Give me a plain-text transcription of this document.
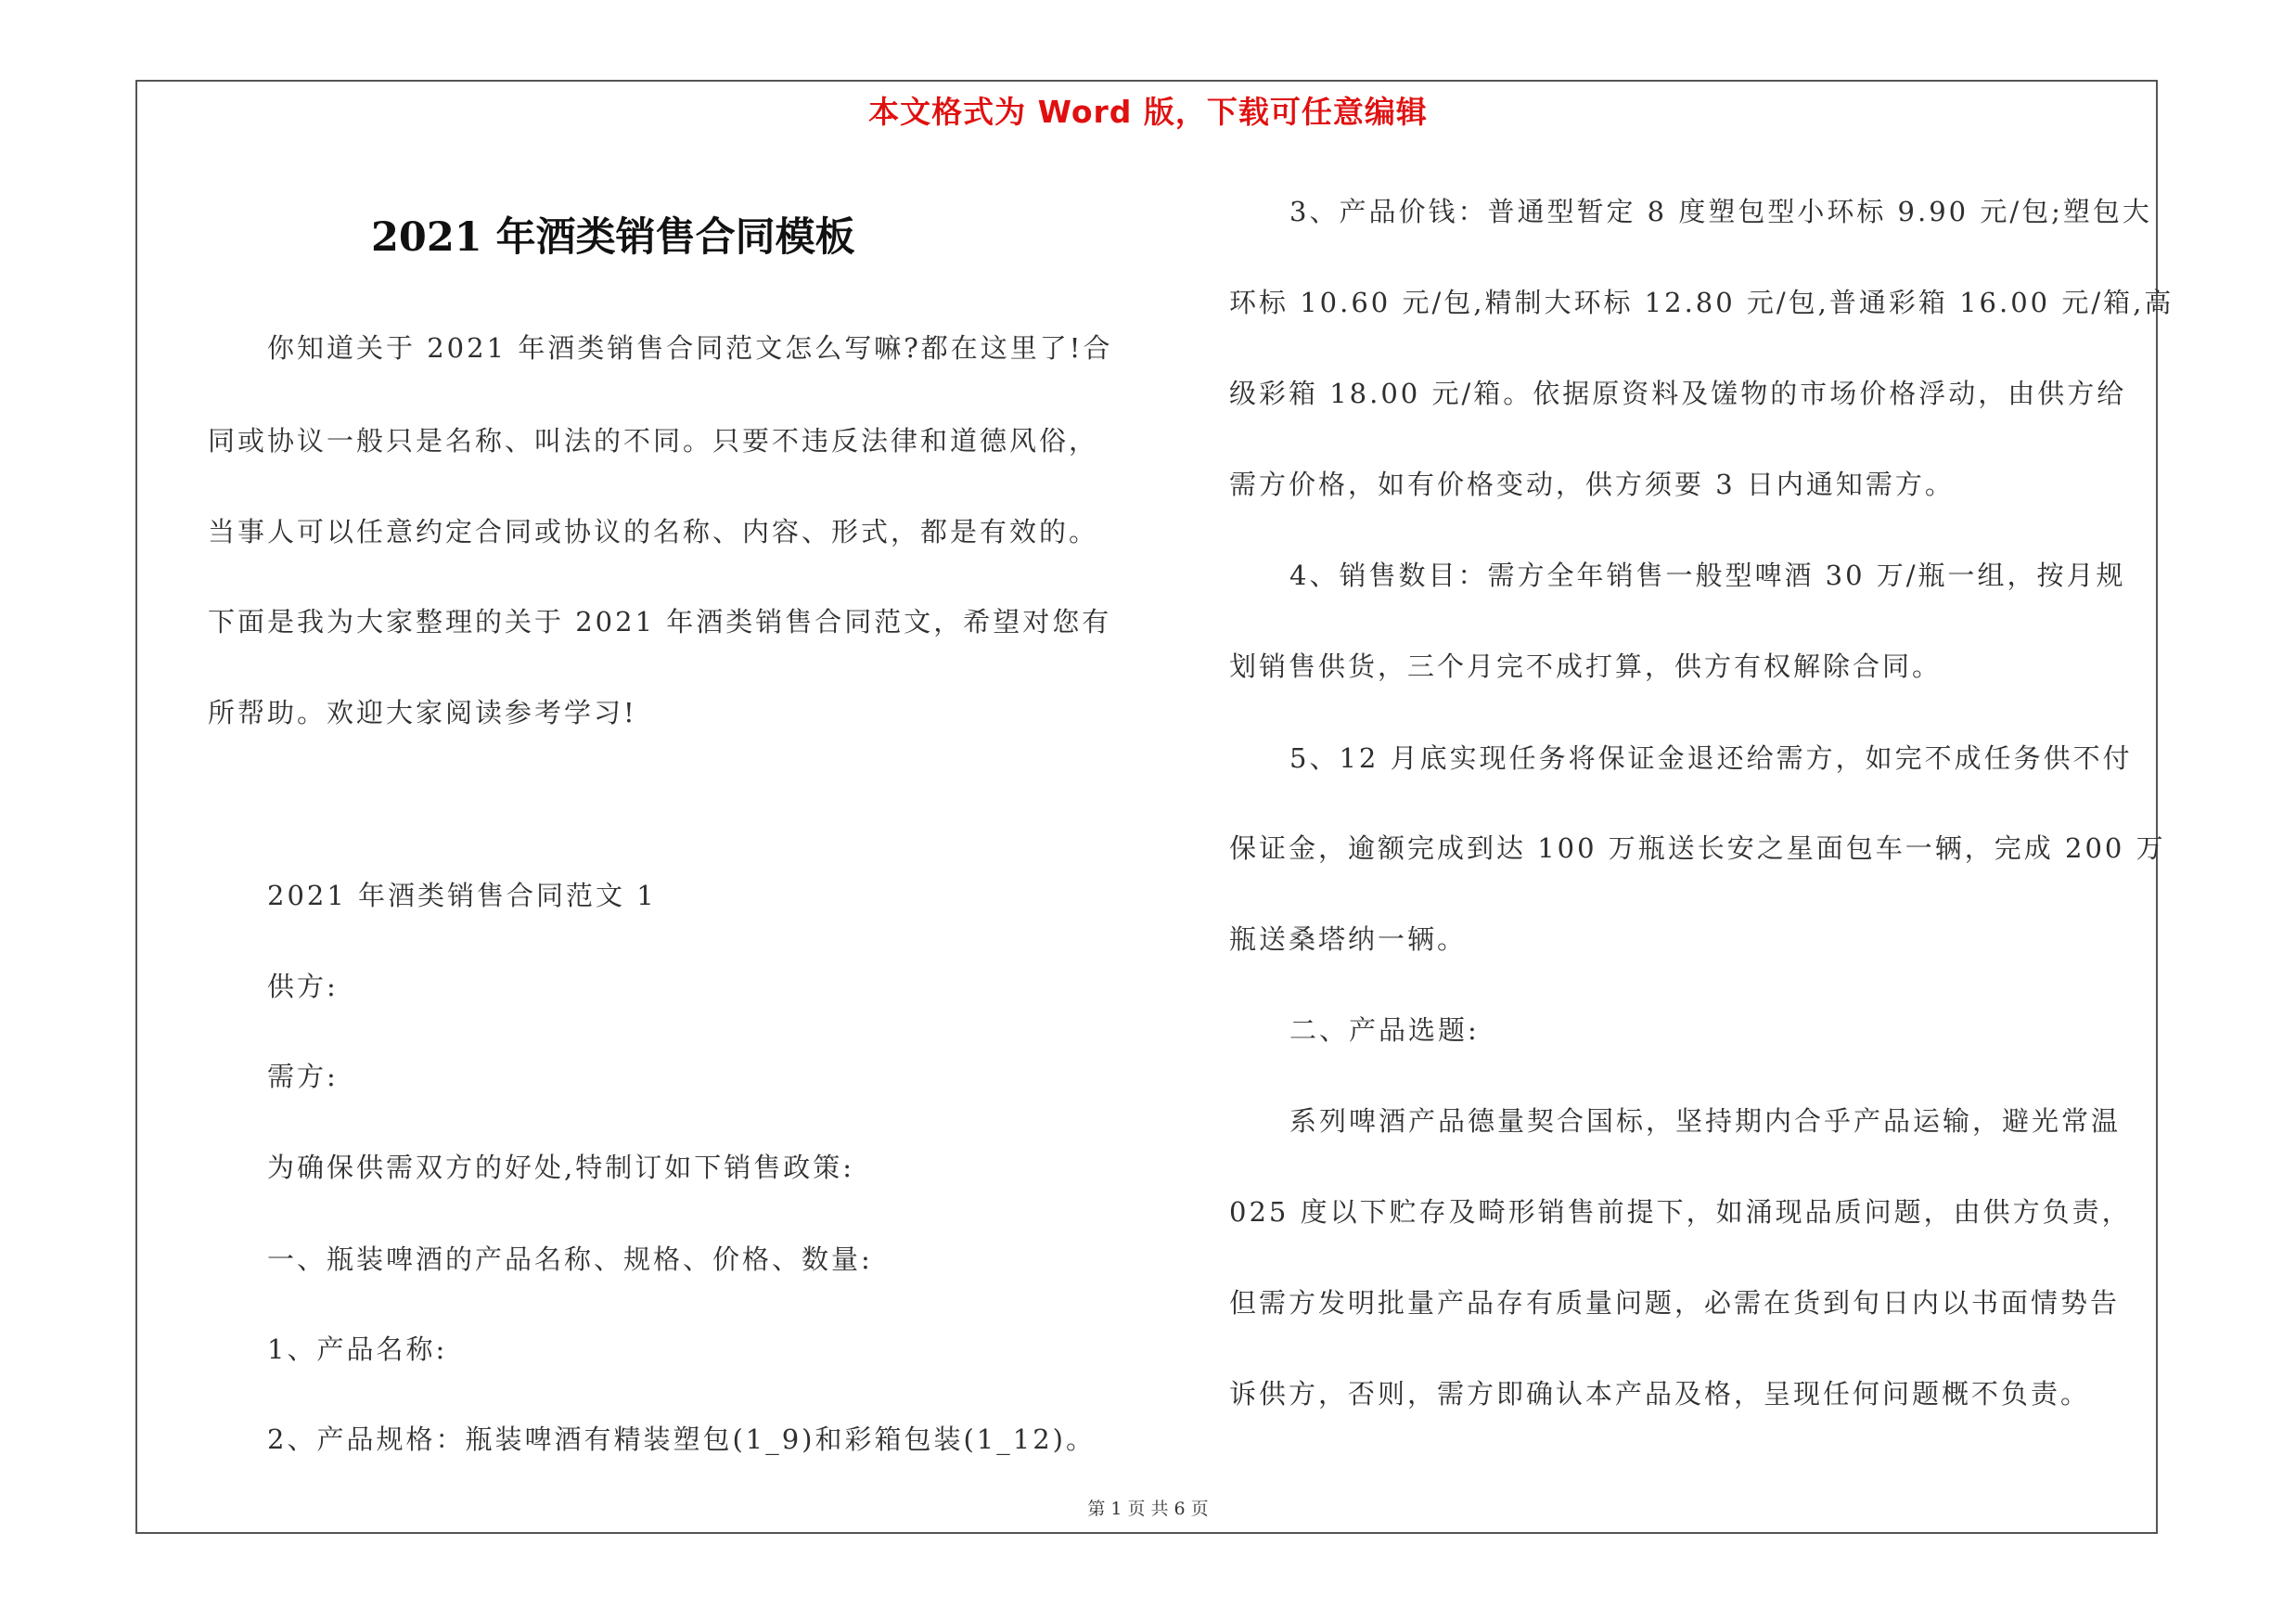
本文格式为 Word 版，下载可任意编辑
2021 年酒类销售合同模板
你知道关于 2021 年酒类销售合同范文怎么写嘛?都在这里了!合
同或协议一般只是名称、叫法的不同。只要不违反法律和道德风俗，
当事人可以任意约定合同或协议的名称、内容、形式，都是有效的。
下面是我为大家整理的关于 2021 年酒类销售合同范文，希望对您有
所帮助。欢迎大家阅读参考学习!
2021 年酒类销售合同范文 1
供方:
需方:
为确保供需双方的好处,特制订如下销售政策:
一、瓶装啤酒的产品名称、规格、价格、数量:
1、产品名称:
2、产品规格：瓶装啤酒有精装塑包(1_9)和彩箱包装(1_12)。
3、产品价钱：普通型暂定 8 度塑包型小环标 9.90 元/包;塑包大
环标 10.60 元/包,精制大环标 12.80 元/包,普通彩箱 16.00 元/箱,高
级彩箱 18.00 元/箱。依据原资料及馐物的市场价格浮动，由供方给
需方价格，如有价格变动，供方须要 3 日内通知需方。
4、销售数目：需方全年销售一般型啤酒 30 万/瓶一组，按月规
划销售供货，三个月完不成打算，供方有权解除合同。
5、12 月底实现任务将保证金退还给需方，如完不成任务供不付
保证金，逾额完成到达 100 万瓶送长安之星面包车一辆，完成 200 万
瓶送桑塔纳一辆。
二、产品选题:
系列啤酒产品德量契合国标，坚持期内合乎产品运输，避光常温
025 度以下贮存及畸形销售前提下，如涌现品质问题，由供方负责，
但需方发明批量产品存有质量问题，必需在货到旬日内以书面情势告
诉供方，否则，需方即确认本产品及格，呈现任何问题概不负责。
第 1 页 共 6 页
